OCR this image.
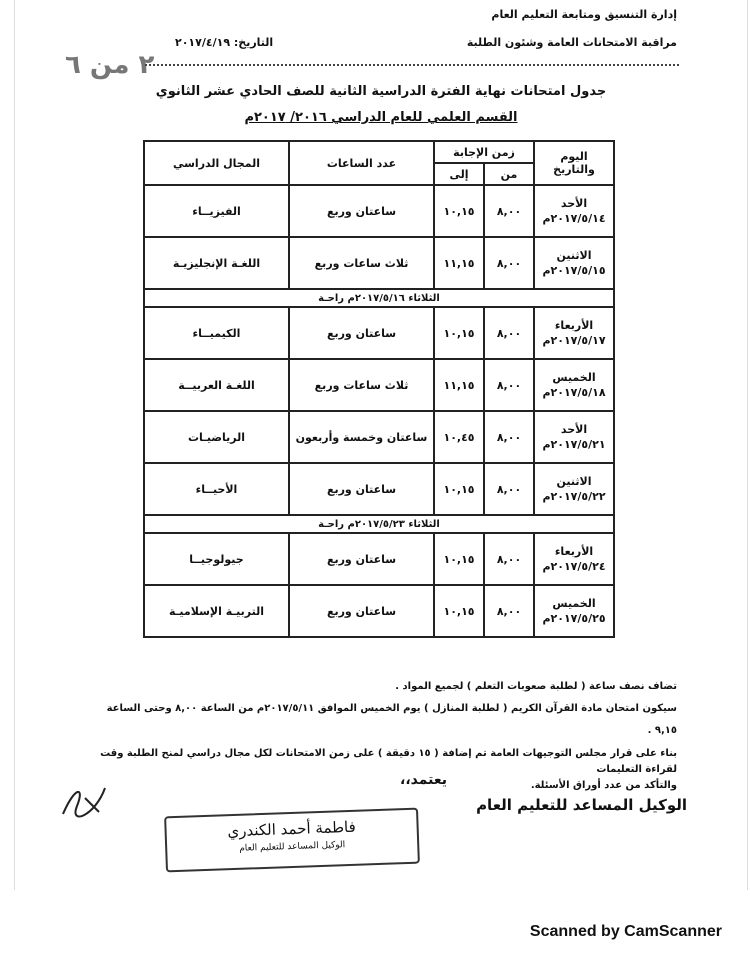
إدارة التنسيق ومتابعة التعليم العام
مراقبة الامتحانات العامة وشئون الطلبة
التاريخ: ٢٠١٧/٤/١٩
٢ من ٦
جدول امتحانات نهاية الفترة الدراسية الثانية للصف الحادي عشر الثانوي
القسم العلمي للعام الدراسي ٢٠١٦/ ٢٠١٧م
اليوم والتاريخ	زمن الإجابة		عدد الساعات	المجال الدراسي
	من	إلى		

الأحد
٢٠١٧/٥/١٤م	٨,٠٠	١٠,١٥	ساعتان وربع	الفيزيــاء

الاثنين
٢٠١٧/٥/١٥م	٨,٠٠	١١,١٥	ثلاث ساعات وربع	اللغـة الإنجليزيـة
الثلاثاء ٢٠١٧/٥/١٦م راحـة				

الأربعاء
٢٠١٧/٥/١٧م	٨,٠٠	١٠,١٥	ساعتان وربع	الكيميــاء

الخميس
٢٠١٧/٥/١٨م	٨,٠٠	١١,١٥	ثلاث ساعات وربع	اللغـة العربيــة

الأحد
٢٠١٧/٥/٢١م	٨,٠٠	١٠,٤٥	ساعتان وخمسة وأربعون	الرياضيـات

الاثنين
٢٠١٧/٥/٢٢م	٨,٠٠	١٠,١٥	ساعتان وربع	الأحيــاء
الثلاثاء ٢٠١٧/٥/٢٣م راحـة				

الأربعاء
٢٠١٧/٥/٢٤م	٨,٠٠	١٠,١٥	ساعتان وربع	جيولوجيــا

الخميس
٢٠١٧/٥/٢٥م	٨,٠٠	١٠,١٥	ساعتان وربع	التربيـة الإسلاميـة

تضاف نصف ساعة ( لطلبة صعوبات التعلم ) لجميع المواد .

سيكون امتحان مادة القرآن الكريم ( لطلبة المنازل ) يوم الخميس الموافق ٢٠١٧/٥/١١م من الساعة ٨,٠٠ وحتى الساعة ٩,١٥ .

بناء على قرار مجلس التوجيهات العامة تم إضافة ( ١٥ دقيقة ) على زمن الامتحانات لكل مجال دراسي لمنح الطلبة وقت لقراءة التعليمات

والتأكد من عدد أوراق الأسئلة.

يعتمد،،
الوكيل المساعد للتعليم العام
فاطمة أحمد الكندري
الوكيل المساعد للتعليم العام
Scanned by CamScanner
